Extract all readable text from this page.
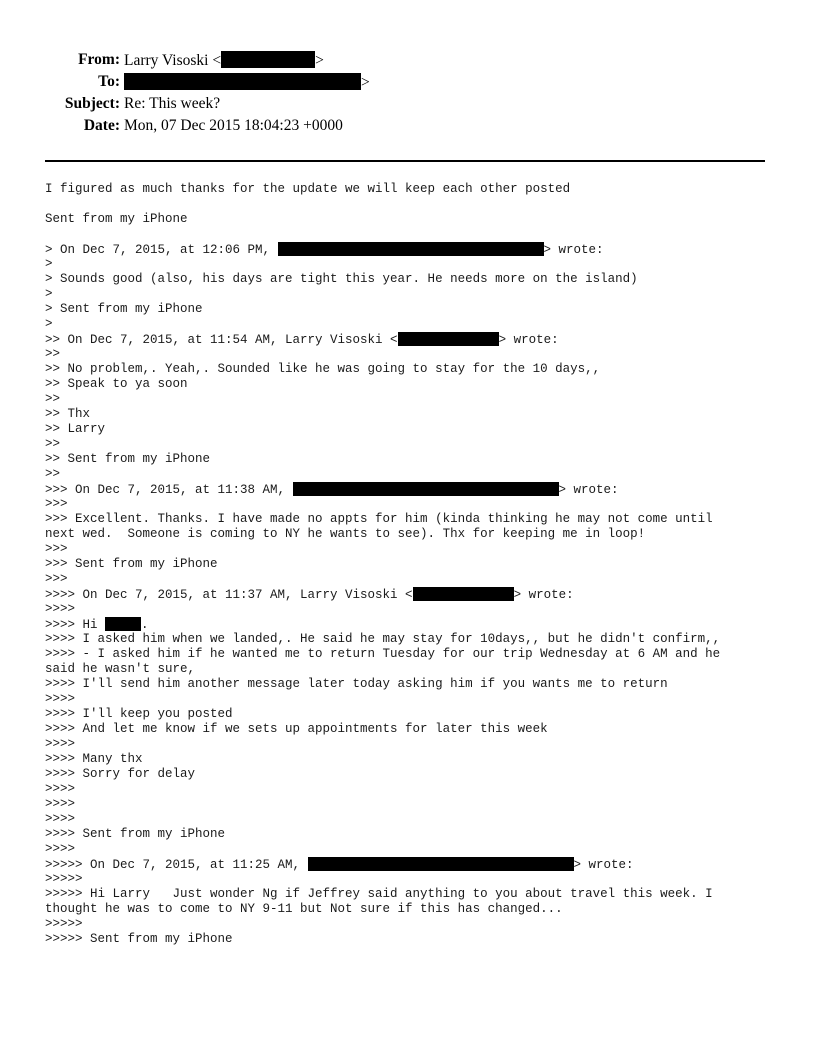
From: Larry Visoski <	>
To:	>
Subject: Re: This week?
Date: Mon, 07 Dec 2015 18:04:23 +0000
I figured as much thanks for the update we will keep each other posted
Sent from my iPhone
> On Dec 7, 2015, at 12:06 PM,	> wrote:
>
> Sounds good (also, his days are tight this year. He needs more on the island)
>
> Sent from my iPhone
>
>> On Dec 7, 2015, at 11:54 AM, Larry Visoski <	> wrote:
>>
>> No problem,. Yeah,. Sounded like he was going to stay for the 10 days,,
>> Speak to ya soon
>>
>> Thx
>> Larry
>>
>> Sent from my iPhone
>>
>>> On Dec 7, 2015, at 11:38 AM,	> wrote:
>>>
>>> Excellent. Thanks. I have made no appts for him (kinda thinking he may not come until
next wed.  Someone is coming to NY he wants to see). Thx for keeping me in loop!
>>>
>>> Sent from my iPhone
>>>
>>>> On Dec 7, 2015, at 11:37 AM, Larry Visoski <	> wrote:
>>>>
>>>> Hi	.
>>>> I asked him when we landed,. He said he may stay for 10days,, but he didn't confirm,,
>>>> - I asked him if he wanted me to return Tuesday for our trip Wednesday at 6 AM and he
said he wasn't sure,
>>>> I'll send him another message later today asking him if you wants me to return
>>>>
>>>> I'll keep you posted
>>>> And let me know if we sets up appointments for later this week
>>>>
>>>> Many thx
>>>> Sorry for delay
>>>>
>>>>
>>>>
>>>> Sent from my iPhone
>>>>
>>>>> On Dec 7, 2015, at 11:25 AM,	> wrote:
>>>>>
>>>>> Hi Larry   Just wonder Ng if Jeffrey said anything to you about travel this week. I
thought he was to come to NY 9-11 but Not sure if this has changed...
>>>>>
>>>>> Sent from my iPhone
